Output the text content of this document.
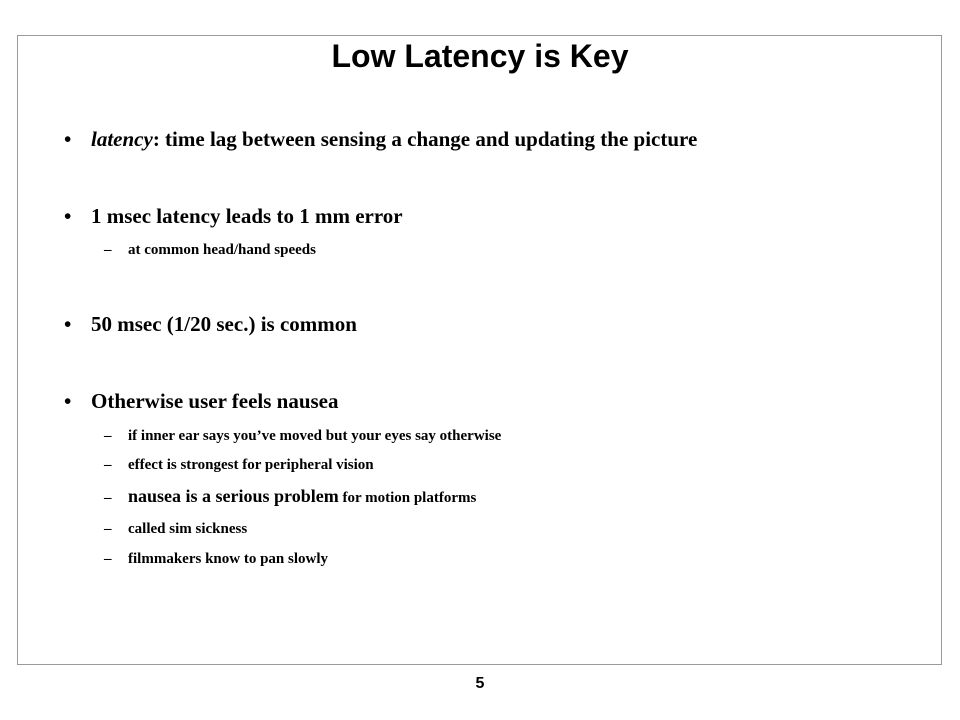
Low Latency is Key
• latency: time lag between sensing a change and updating the picture
• 1 msec latency leads to 1 mm error
– at common head/hand speeds
• 50 msec (1/20 sec.) is common
• Otherwise user feels nausea
– if inner ear says you’ve moved but your eyes say otherwise
– effect is strongest for peripheral vision
– nausea is a serious problem for motion platforms
– called sim sickness
– filmmakers know to pan slowly
5
